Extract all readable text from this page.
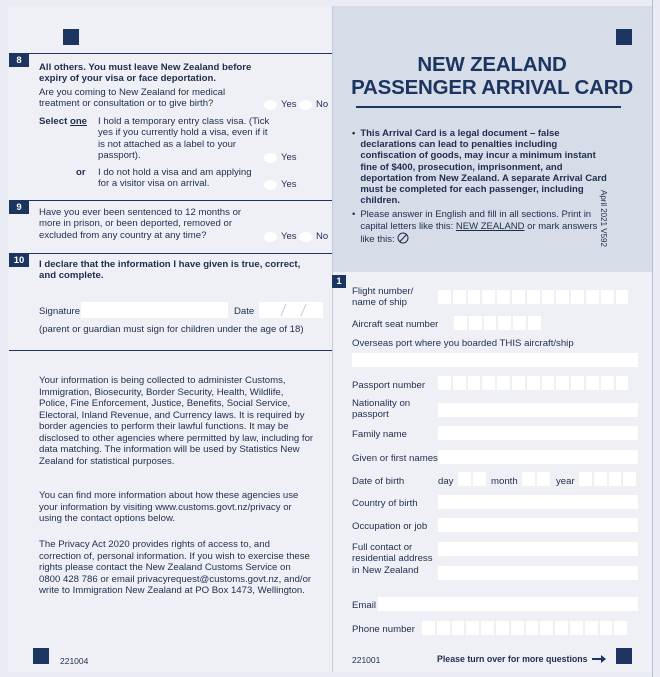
8
All others. You must leave New Zealand before expiry of your visa or face deportation.
Are you coming to New Zealand for medical treatment or consultation or to give birth?	Yes No
Select one I hold a temporary entry class visa. (Tick yes if you currently hold a visa, even if it is not attached as a label to your passport).	Yes
or I do not hold a visa and am applying for a visitor visa on arrival.	Yes
9	Have you ever been sentenced to 12 months or more in prison, or been deported, removed or excluded from any country at any time?	Yes No
10	I declare that the information I have given is true, correct, and complete.
Signature	Date
(parent or guardian must sign for children under the age of 18)
Your information is being collected to administer Customs, Immigration, Biosecurity, Border Security, Health, Wildlife, Police, Fine Enforcement, Justice, Benefits, Social Service, Electoral, Inland Revenue, and Currency laws. It is required by border agencies to perform their lawful functions. It may be disclosed to other agencies where permitted by law, including for data matching. The information will be used by Statistics New Zealand for statistical purposes.
You can find more information about how these agencies use your information by visiting www.customs.govt.nz/privacy or using the contact options below.
The Privacy Act 2020 provides rights of access to, and correction of, personal information. If you wish to exercise these rights please contact the New Zealand Customs Service on 0800 428 786 or email privacyrequest@customs.govt.nz, and/or write to Immigration New Zealand at PO Box 1473, Wellington.
221004
NEW ZEALAND
PASSENGER ARRIVAL CARD
• This Arrival Card is a legal document – false declarations can lead to penalties including confiscation of goods, may incur a minimum instant fine of $400, prosecution, imprisonment, and deportation from New Zealand. A separate Arrival Card must be completed for each passenger, including children.
• Please answer in English and fill in all sections. Print in capital letters like this: NEW ZEALAND or mark answers like this:	April 2021 V592
1
Flight number/ name of ship
Aircraft seat number
Overseas port where you boarded THIS aircraft/ship
Passport number
Nationality on passport
Family name
Given or first names
Date of birth	day	month	year
Country of birth
Occupation or job
Full contact or residential address in New Zealand
Email
Phone number
221001	Please turn over for more questions
